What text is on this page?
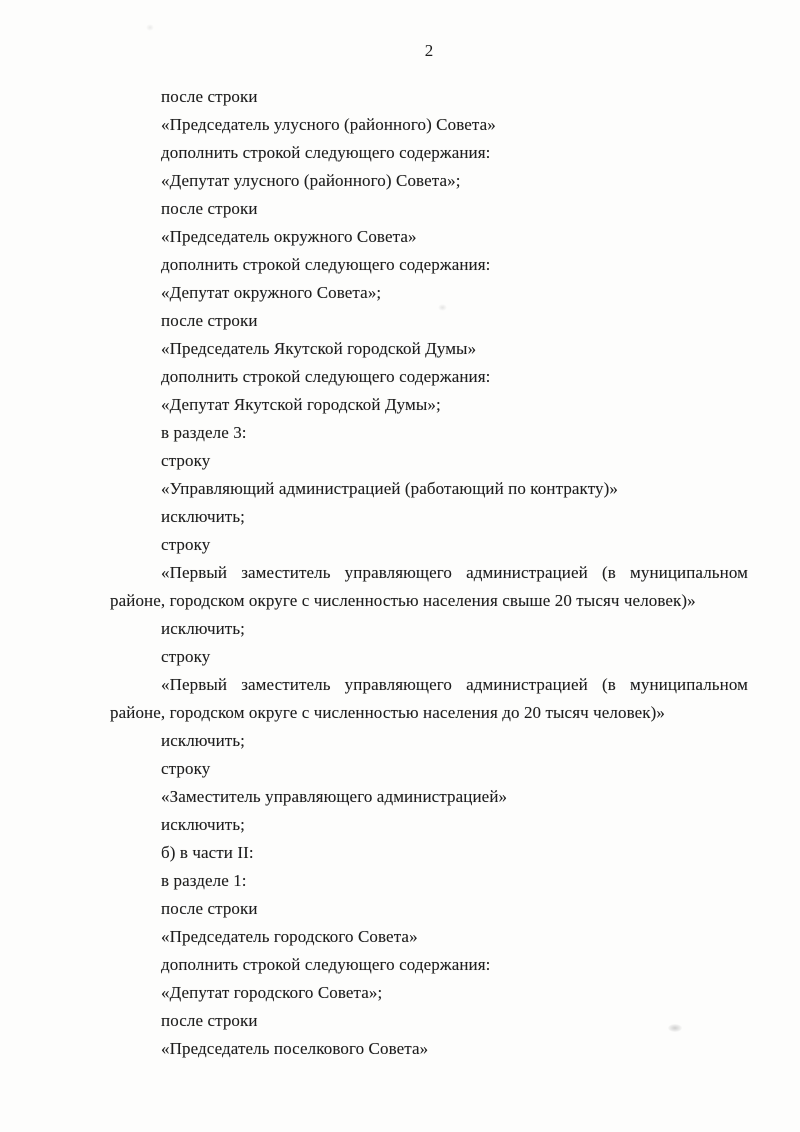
2

после строки

«Председатель улусного (районного) Совета»

дополнить строкой следующего содержания:

«Депутат улусного (районного) Совета»;

после строки

«Председатель окружного Совета»

дополнить строкой следующего содержания:

«Депутат окружного Совета»;

после строки

«Председатель Якутской городской Думы»

дополнить строкой следующего содержания:

«Депутат Якутской городской Думы»;

в разделе 3:

строку

«Управляющий администрацией (работающий по контракту)»

исключить;

строку

«Первый заместитель управляющего администрацией (в муниципальном районе, городском округе с численностью населения свыше 20 тысяч человек)»

исключить;

строку

«Первый заместитель управляющего администрацией (в муниципальном районе, городском округе с численностью населения до 20 тысяч человек)»

исключить;

строку

«Заместитель управляющего администрацией»

исключить;

б) в части II:

в разделе 1:

после строки

«Председатель городского Совета»

дополнить строкой следующего содержания:

«Депутат городского Совета»;

после строки

«Председатель поселкового Совета»
